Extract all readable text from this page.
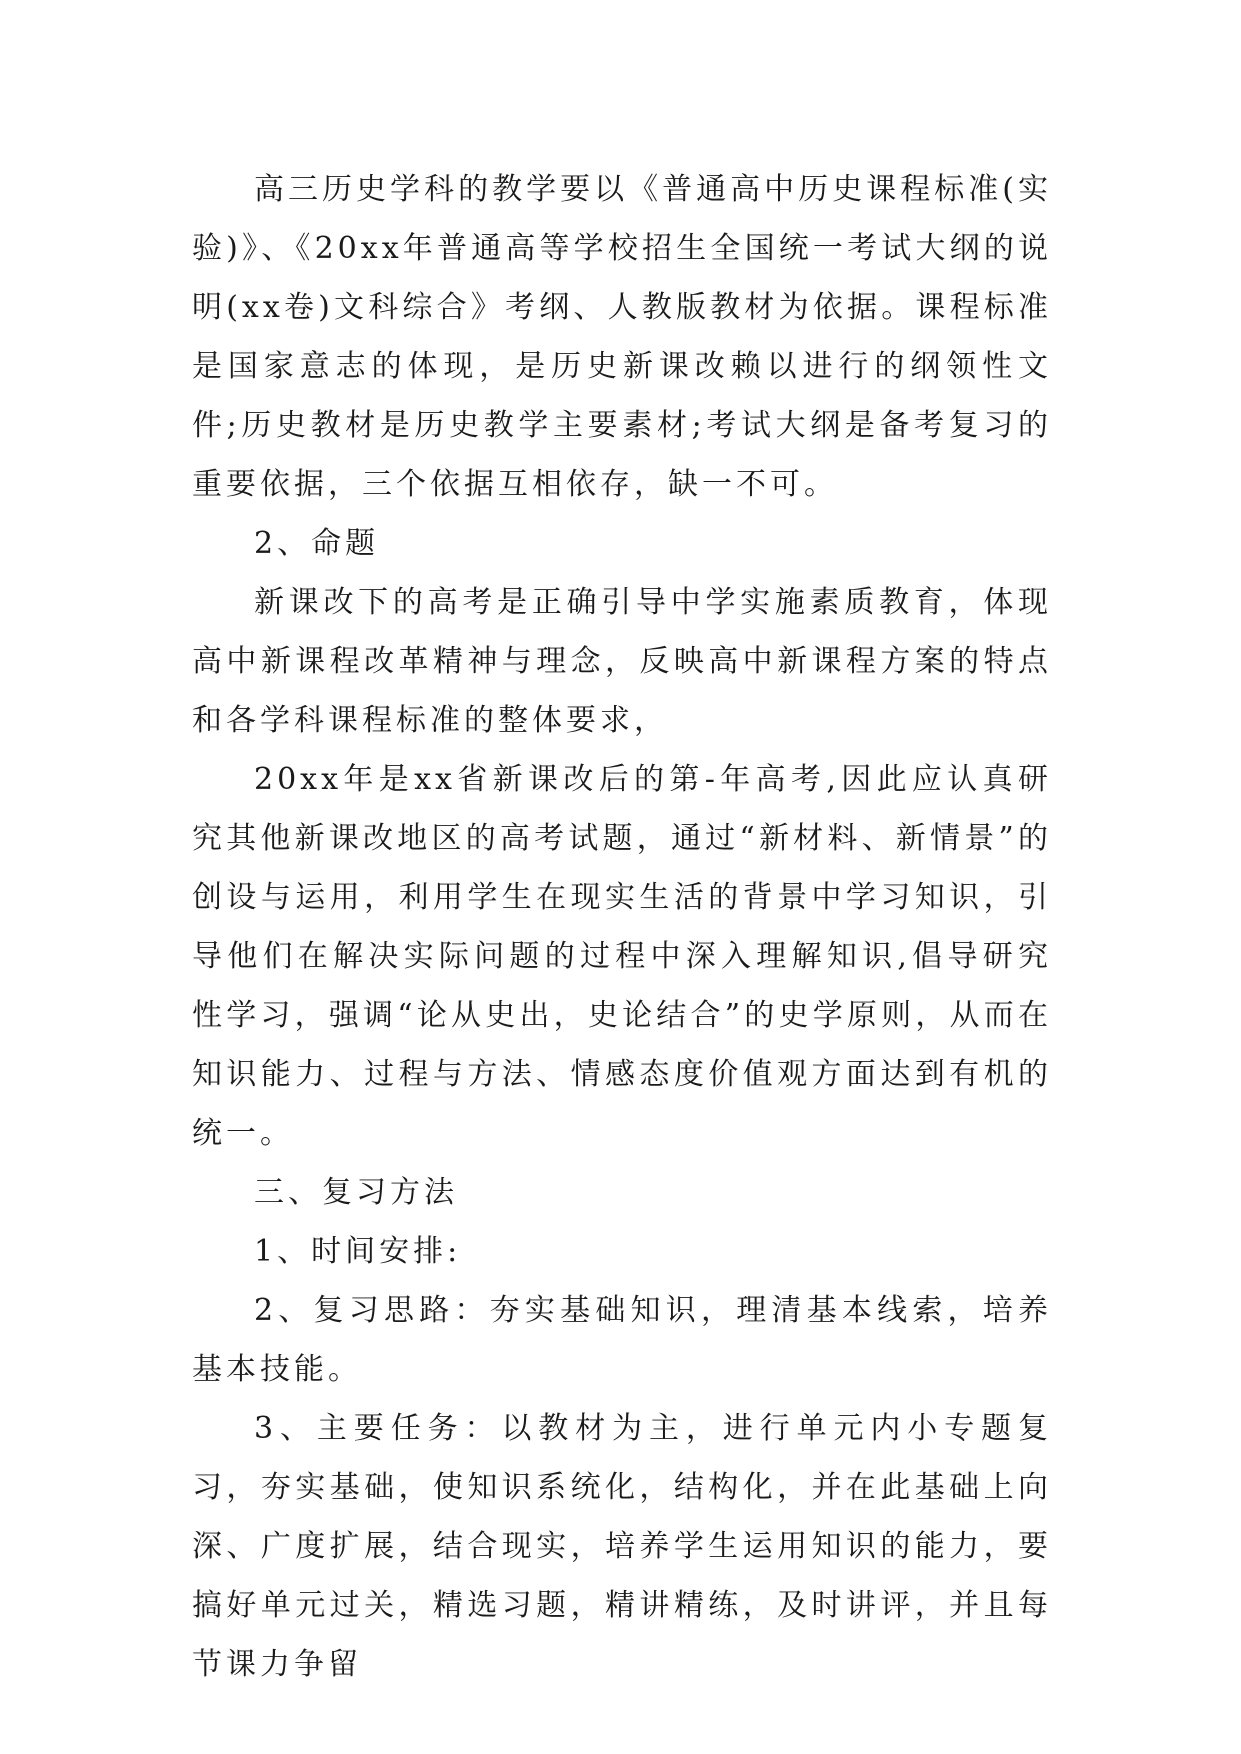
高三历史学科的教学要以《普通高中历史课程标准(实验)》、《20xx年普通高等学校招生全国统一考试大纲的说明(xx卷)文科综合》考纲、人教版教材为依据。课程标准是国家意志的体现，是历史新课改赖以进行的纲领性文件;历史教材是历史教学主要素材;考试大纲是备考复习的重要依据，三个依据互相依存，缺一不可。

2、命题

新课改下的高考是正确引导中学实施素质教育，体现高中新课程改革精神与理念，反映高中新课程方案的特点和各学科课程标准的整体要求，

20xx年是xx省新课改后的第-年高考,因此应认真研究其他新课改地区的高考试题，通过“新材料、新情景”的创设与运用，利用学生在现实生活的背景中学习知识，引导他们在解决实际问题的过程中深入理解知识,倡导研究性学习，强调“论从史出，史论结合”的史学原则，从而在知识能力、过程与方法、情感态度价值观方面达到有机的统一。

三、复习方法

1、时间安排:

2、复习思路：夯实基础知识，理清基本线索，培养基本技能。

3、主要任务：以教材为主，进行单元内小专题复习，夯实基础，使知识系统化，结构化，并在此基础上向深、广度扩展，结合现实，培养学生运用知识的能力，要搞好单元过关，精选习题，精讲精练，及时讲评，并且每节课力争留
